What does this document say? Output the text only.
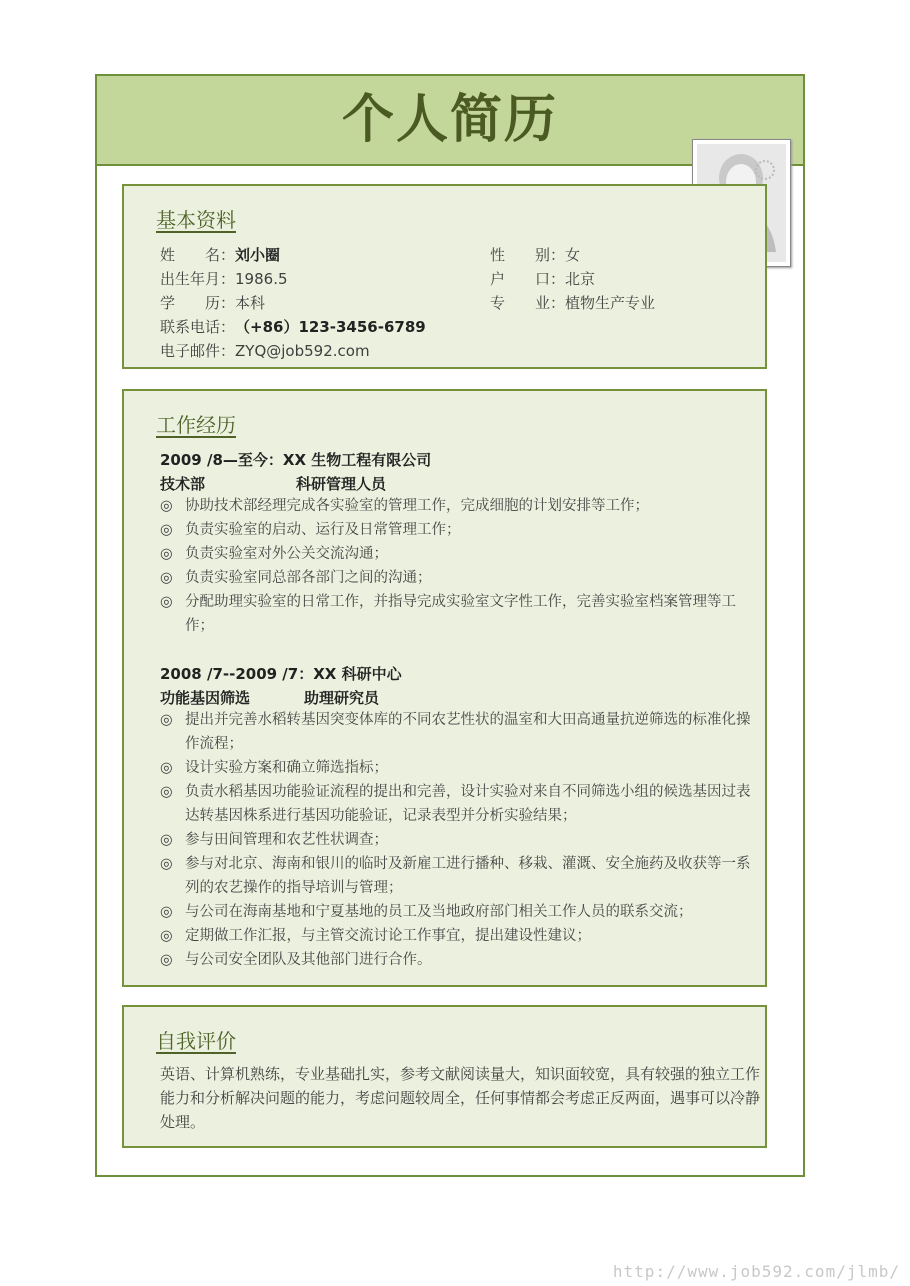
个人简历
基本资料
姓　　名：刘小圈	性　　别：女
出生年月：1986.5	户　　口：北京
学　　历：本科	专　　业：植物生产专业
联系电话：（+86）123-3456-6789
电子邮件：ZYQ@job592.com
工作经历
2009 /8—至今：XX 生物工程有限公司
技术部	科研管理人员
◎ 协助技术部经理完成各实验室的管理工作，完成细胞的计划安排等工作；
◎ 负责实验室的启动、运行及日常管理工作；
◎ 负责实验室对外公关交流沟通；
◎ 负责实验室同总部各部门之间的沟通；
◎ 分配助理实验室的日常工作，并指导完成实验室文字性工作，完善实验室档案管理等工作；
2008 /7--2009 /7：XX 科研中心
功能基因筛选	助理研究员
◎ 提出并完善水稻转基因突变体库的不同农艺性状的温室和大田高通量抗逆筛选的标准化操作流程；
◎ 设计实验方案和确立筛选指标；
◎ 负责水稻基因功能验证流程的提出和完善，设计实验对来自不同筛选小组的候选基因过表达转基因株系进行基因功能验证，记录表型并分析实验结果；
◎ 参与田间管理和农艺性状调查；
◎ 参与对北京、海南和银川的临时及新雇工进行播种、移栽、灌溉、安全施药及收获等一系列的农艺操作的指导培训与管理；
◎ 与公司在海南基地和宁夏基地的员工及当地政府部门相关工作人员的联系交流；
◎ 定期做工作汇报，与主管交流讨论工作事宜，提出建设性建议；
◎ 与公司安全团队及其他部门进行合作。
自我评价
英语、计算机熟练，专业基础扎实，参考文献阅读量大，知识面较宽，具有较强的独立工作能力和分析解决问题的能力，考虑问题较周全，任何事情都会考虑正反两面，遇事可以冷静处理。
http://www.job592.com/jlmb/
